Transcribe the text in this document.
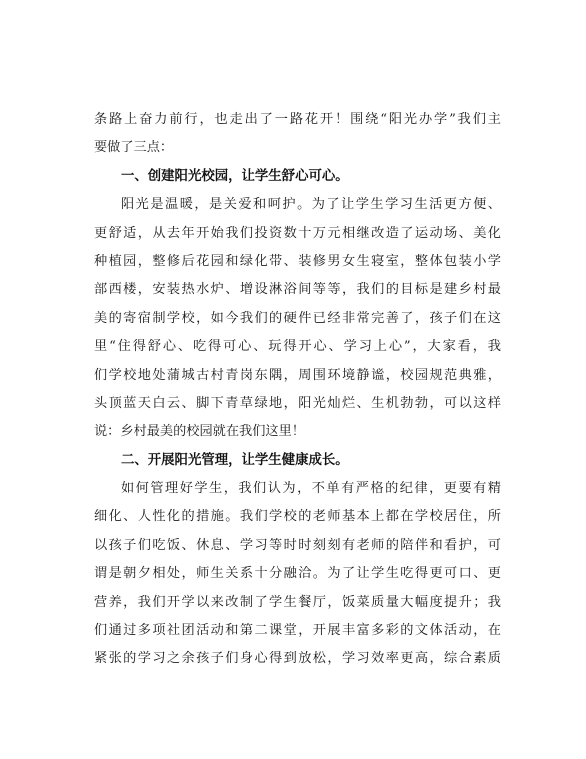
条路上奋力前行，也走出了一路花开！围绕“阳光办学”我们主
要做了三点：
一、创建阳光校园，让学生舒心可心。
阳光是温暖，是关爱和呵护。为了让学生学习生活更方便、
更舒适，从去年开始我们投资数十万元相继改造了运动场、美化
种植园，整修后花园和绿化带、装修男女生寝室，整体包装小学
部西楼，安装热水炉、增设淋浴间等等，我们的目标是建乡村最
美的寄宿制学校，如今我们的硬件已经非常完善了，孩子们在这
里“住得舒心、吃得可心、玩得开心、学习上心”，大家看，我
们学校地处蒲城古村青岗东隅，周围环境静谧，校园规范典雅，
头顶蓝天白云、脚下青草绿地，阳光灿烂、生机勃勃，可以这样
说：乡村最美的校园就在我们这里！
二、开展阳光管理，让学生健康成长。
如何管理好学生，我们认为，不单有严格的纪律，更要有精
细化、人性化的措施。我们学校的老师基本上都在学校居住，所
以孩子们吃饭、休息、学习等时时刻刻有老师的陪伴和看护，可
谓是朝夕相处，师生关系十分融洽。为了让学生吃得更可口、更
营养，我们开学以来改制了学生餐厅，饭菜质量大幅度提升；我
们通过多项社团活动和第二课堂，开展丰富多彩的文体活动，在
紧张的学习之余孩子们身心得到放松，学习效率更高，综合素质
